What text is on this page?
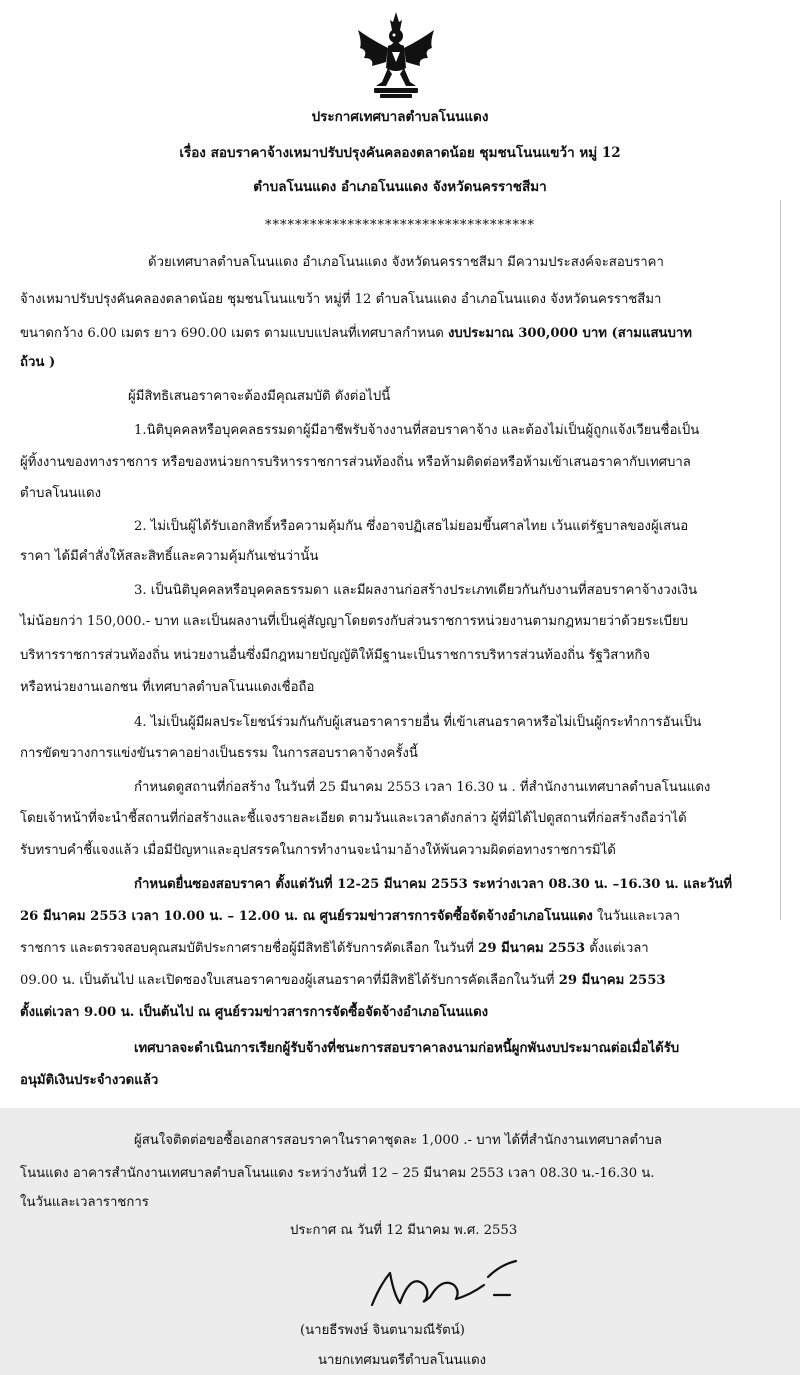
ประกาศเทศบาลตำบลโนนแดง
เรื่อง สอบราคาจ้างเหมาปรับปรุงคันคลองตลาดน้อย ชุมชนโนนแขว้า หมู่ 12
ตำบลโนนแดง อำเภอโนนแดง จังหวัดนครราชสีมา
************************************
ด้วยเทศบาลตำบลโนนแดง อำเภอโนนแดง จังหวัดนครราชสีมา มีความประสงค์จะสอบราคา
จ้างเหมาปรับปรุงคันคลองตลาดน้อย ชุมชนโนนแขว้า หมู่ที่ 12 ตำบลโนนแดง อำเภอโนนแดง จังหวัดนครราชสีมา
ขนาดกว้าง 6.00 เมตร ยาว 690.00 เมตร ตามแบบแปลนที่เทศบาลกำหนด งบประมาณ 300,000 บาท (สามแสนบาท
ถ้วน )
ผู้มีสิทธิเสนอราคาจะต้องมีคุณสมบัติ ดังต่อไปนี้
1.นิติบุคคลหรือบุคคลธรรมดาผู้มีอาชีพรับจ้างงานที่สอบราคาจ้าง และต้องไม่เป็นผู้ถูกแจ้งเวียนชื่อเป็น
ผู้ทิ้งงานของทางราชการ หรือของหน่วยการบริหารราชการส่วนท้องถิ่น หรือห้ามติดต่อหรือห้ามเข้าเสนอราคากับเทศบาล
ตำบลโนนแดง
2. ไม่เป็นผู้ได้รับเอกสิทธิ์หรือความคุ้มกัน ซึ่งอาจปฏิเสธไม่ยอมขึ้นศาลไทย เว้นแต่รัฐบาลของผู้เสนอ
ราคา ได้มีคำสั่งให้สละสิทธิ์และความคุ้มกันเช่นว่านั้น
3. เป็นนิติบุคคลหรือบุคคลธรรมดา และมีผลงานก่อสร้างประเภทเดียวกันกับงานที่สอบราคาจ้างวงเงิน
ไม่น้อยกว่า 150,000.- บาท และเป็นผลงานที่เป็นคู่สัญญาโดยตรงกับส่วนราชการหน่วยงานตามกฎหมายว่าด้วยระเบียบ
บริหารราชการส่วนท้องถิ่น หน่วยงานอื่นซึ่งมีกฎหมายบัญญัติให้มีฐานะเป็นราชการบริหารส่วนท้องถิ่น รัฐวิสาหกิจ
หรือหน่วยงานเอกชน ที่เทศบาลตำบลโนนแดงเชื่อถือ
4. ไม่เป็นผู้มีผลประโยชน์ร่วมกันกับผู้เสนอราคารายอื่น ที่เข้าเสนอราคาหรือไม่เป็นผู้กระทำการอันเป็น
การขัดขวางการแข่งขันราคาอย่างเป็นธรรม ในการสอบราคาจ้างครั้งนี้
กำหนดดูสถานที่ก่อสร้าง ในวันที่ 25 มีนาคม 2553 เวลา 16.30 น . ที่สำนักงานเทศบาลตำบลโนนแดง
โดยเจ้าหน้าที่จะนำชี้สถานที่ก่อสร้างและชี้แจงรายละเอียด ตามวันและเวลาดังกล่าว ผู้ที่มิได้ไปดูสถานที่ก่อสร้างถือว่าได้
รับทราบคำชี้แจงแล้ว เมื่อมีปัญหาและอุปสรรคในการทำงานจะนำมาอ้างให้พ้นความผิดต่อทางราชการมิได้
กำหนดยื่นซองสอบราคา ตั้งแต่วันที่ 12-25 มีนาคม 2553 ระหว่างเวลา 08.30 น. –16.30 น. และวันที่
26 มีนาคม 2553 เวลา 10.00 น. – 12.00 น. ณ ศูนย์รวมข่าวสารการจัดซื้อจัดจ้างอำเภอโนนแดง ในวันและเวลา
ราชการ และตรวจสอบคุณสมบัติประกาศรายชื่อผู้มีสิทธิได้รับการคัดเลือก ในวันที่ 29 มีนาคม 2553 ตั้งแต่เวลา
09.00 น. เป็นต้นไป และเปิดซองใบเสนอราคาของผู้เสนอราคาที่มีสิทธิได้รับการคัดเลือกในวันที่ 29 มีนาคม 2553
ตั้งแต่เวลา 9.00 น. เป็นต้นไป ณ ศูนย์รวมข่าวสารการจัดซื้อจัดจ้างอำเภอโนนแดง
เทศบาลจะดำเนินการเรียกผู้รับจ้างที่ชนะการสอบราคาลงนามก่อหนี้ผูกพันงบประมาณต่อเมื่อได้รับ
อนุมัติเงินประจำงวดแล้ว
ผู้สนใจติดต่อขอซื้อเอกสารสอบราคาในราคาชุดละ 1,000 .- บาท ได้ที่สำนักงานเทศบาลตำบล
โนนแดง อาคารสำนักงานเทศบาลตำบลโนนแดง ระหว่างวันที่ 12 – 25 มีนาคม 2553 เวลา 08.30 น.-16.30 น.
ในวันและเวลาราชการ
ประกาศ ณ วันที่ 12 มีนาคม พ.ศ. 2553
(นายธีรพงษ์ จินตนามณีรัตน์)
นายกเทศมนตรีตำบลโนนแดง
